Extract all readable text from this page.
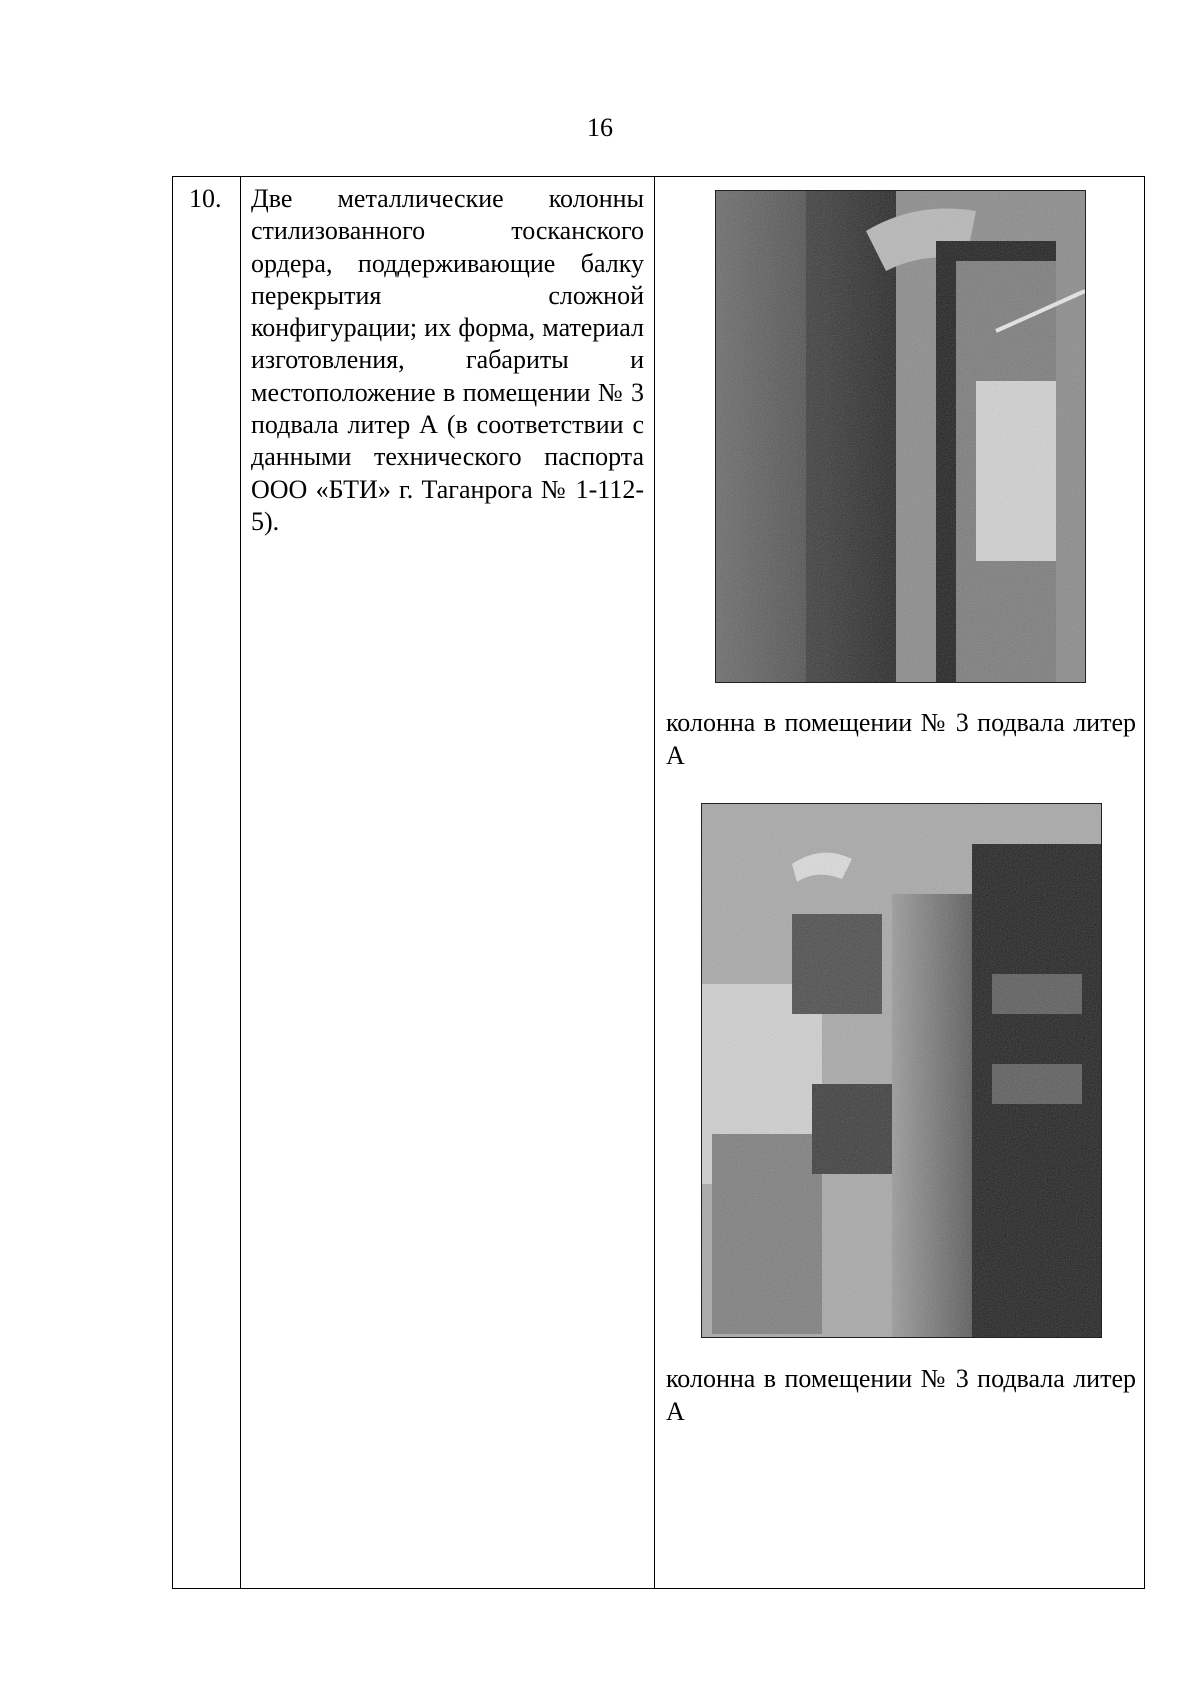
16
10. Две металлические колонны стилизованного тосканского ордера, поддерживающие балку перекрытия сложной конфигурации; их форма, материал изготовления, габариты и местоположение в помещении № 3 подвала литер А (в соответствии с данными технического паспорта ООО «БТИ» г. Таганрога № 1-112-5).
колонна в помещении № 3 подвала литер А
колонна в помещении № 3 подвала литер А
